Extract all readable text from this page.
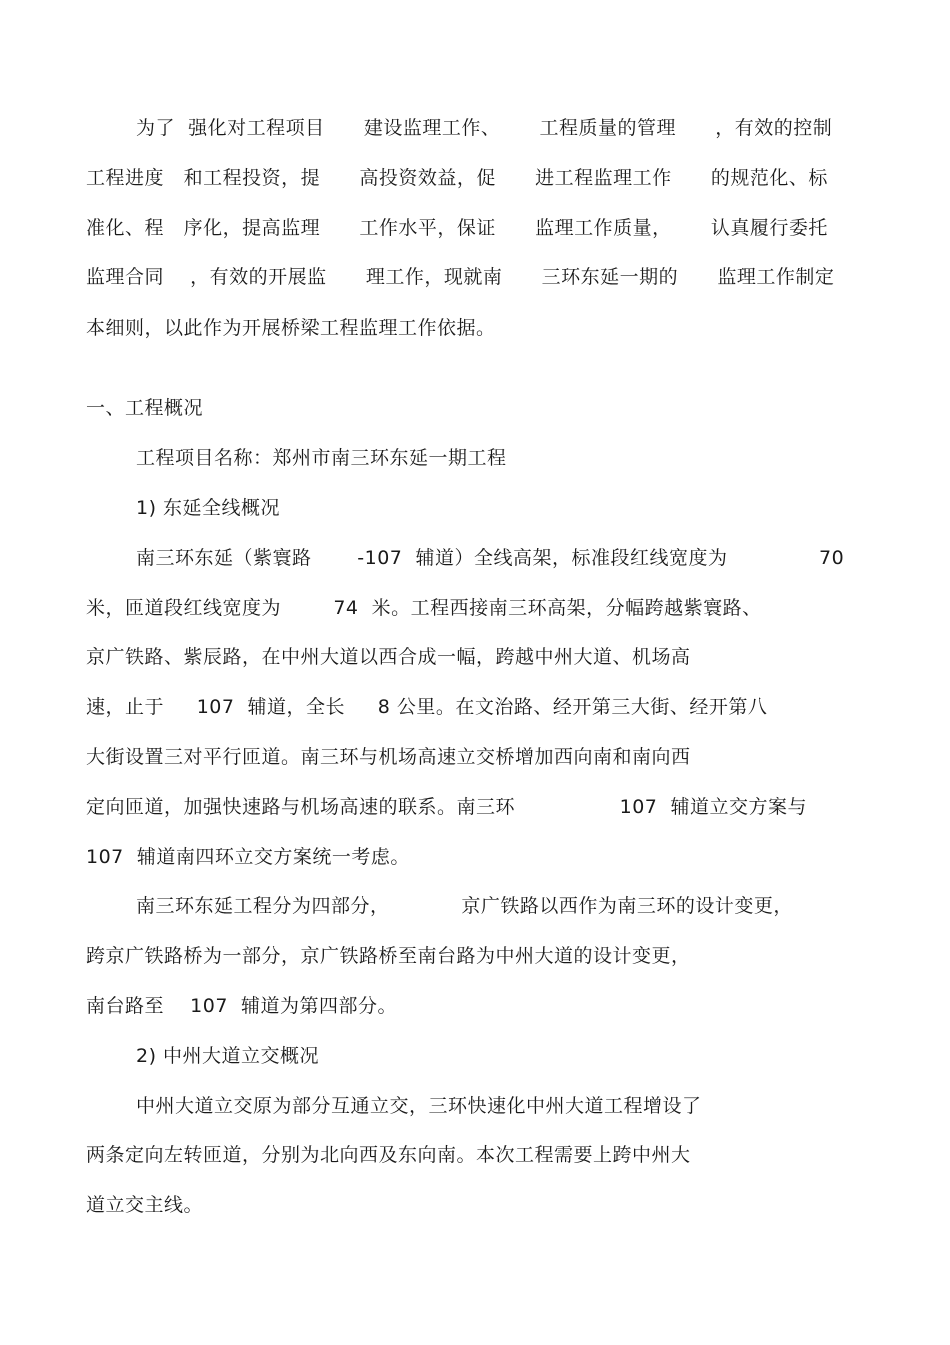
为了  强化对工程项目      建设监理工作、      工程质量的管理      ，有效的控制
工程进度   和工程投资，提      高投资效益，促      进工程监理工作      的规范化、标
准化、程   序化，提高监理      工作水平，保证      监理工作质量，      认真履行委托
监理合同    ，有效的开展监      理工作，现就南      三环东延一期的      监理工作制定
本细则，以此作为开展桥梁工程监理工作依据。
一、工程概况
工程项目名称：郑州市南三环东延一期工程
1) 东延全线概况
南三环东延（紫寰路       -107  辅道）全线高架，标准段红线宽度为              70
米，匝道段红线宽度为        74  米。工程西接南三环高架，分幅跨越紫寰路、
京广铁路、紫辰路，在中州大道以西合成一幅，跨越中州大道、机场高
速，止于     107  辅道，全长     8 公里。在文治路、经开第三大街、经开第八
大街设置三对平行匝道。南三环与机场高速立交桥增加西向南和南向西
定向匝道，加强快速路与机场高速的联系。南三环                107  辅道立交方案与
107  辅道南四环立交方案统一考虑。
南三环东延工程分为四部分，           京广铁路以西作为南三环的设计变更，
跨京广铁路桥为一部分，京广铁路桥至南台路为中州大道的设计变更，
南台路至    107  辅道为第四部分。
2) 中州大道立交概况
中州大道立交原为部分互通立交，三环快速化中州大道工程增设了
两条定向左转匝道，分别为北向西及东向南。本次工程需要上跨中州大
道立交主线。
